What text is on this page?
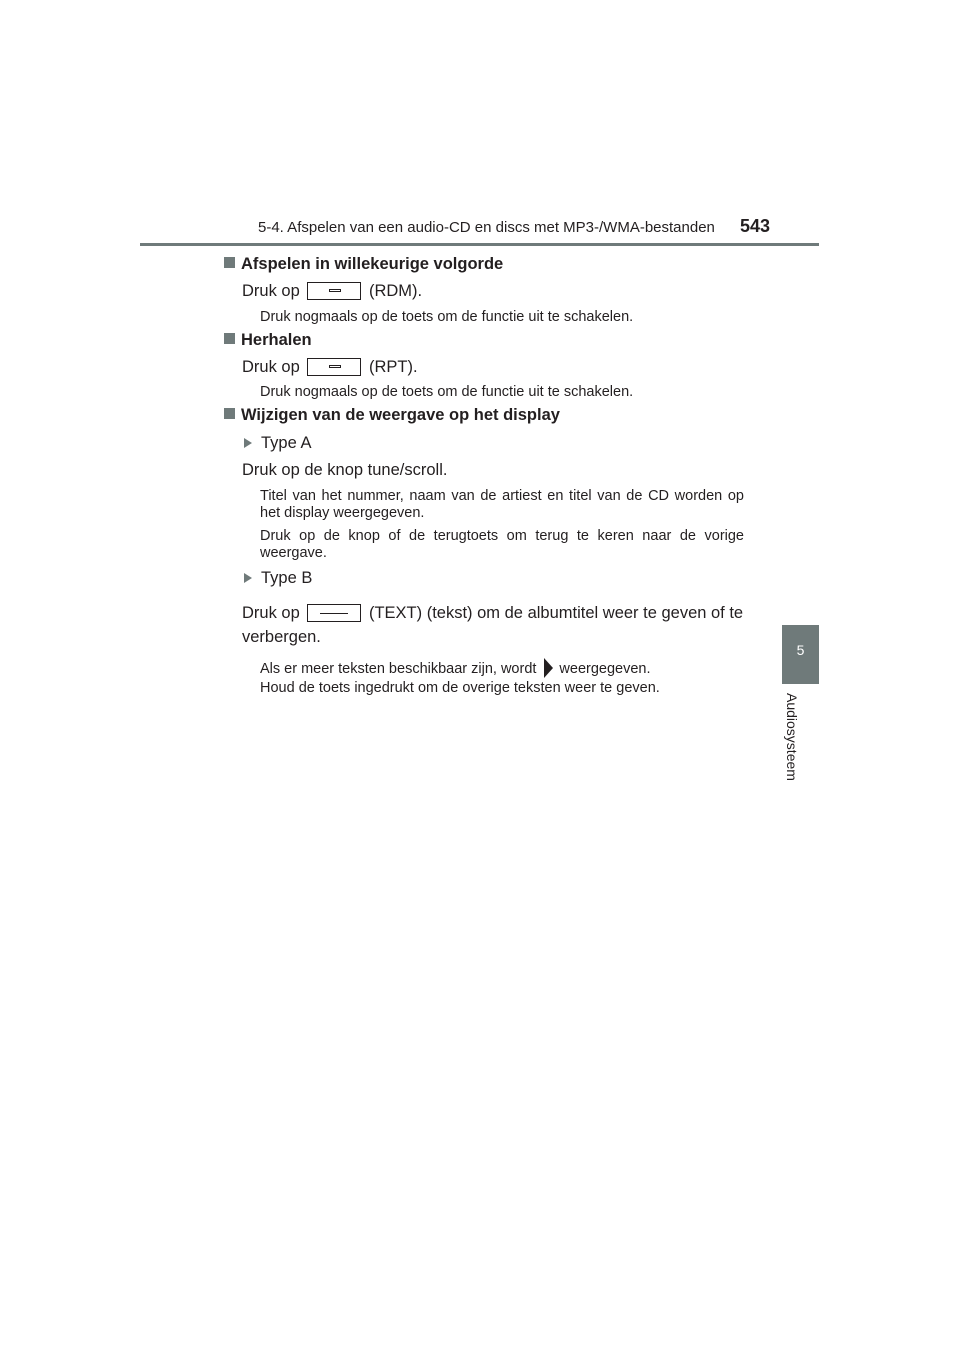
5-4. Afspelen van een audio-CD en discs met MP3-/WMA-bestanden 543
5
Audiosysteem
Afspelen in willekeurige volgorde
Druk op	(RDM).
Druk nogmaals op de toets om de functie uit te schakelen.
Herhalen
Druk op	(RPT).
Druk nogmaals op de toets om de functie uit te schakelen.
Wijzigen van de weergave op het display
Type A
Druk op de knop tune/scroll.
Titel van het nummer, naam van de artiest en titel van de CD worden op het display weergegeven.
Druk op de knop of de terugtoets om terug te keren naar de vorige weergave.
Type B
Druk op	(TEXT) (tekst) om de albumtitel weer te geven of te
verbergen.
Als er meer teksten beschikbaar zijn, wordt weergegeven.
Houd de toets ingedrukt om de overige teksten weer te geven.
